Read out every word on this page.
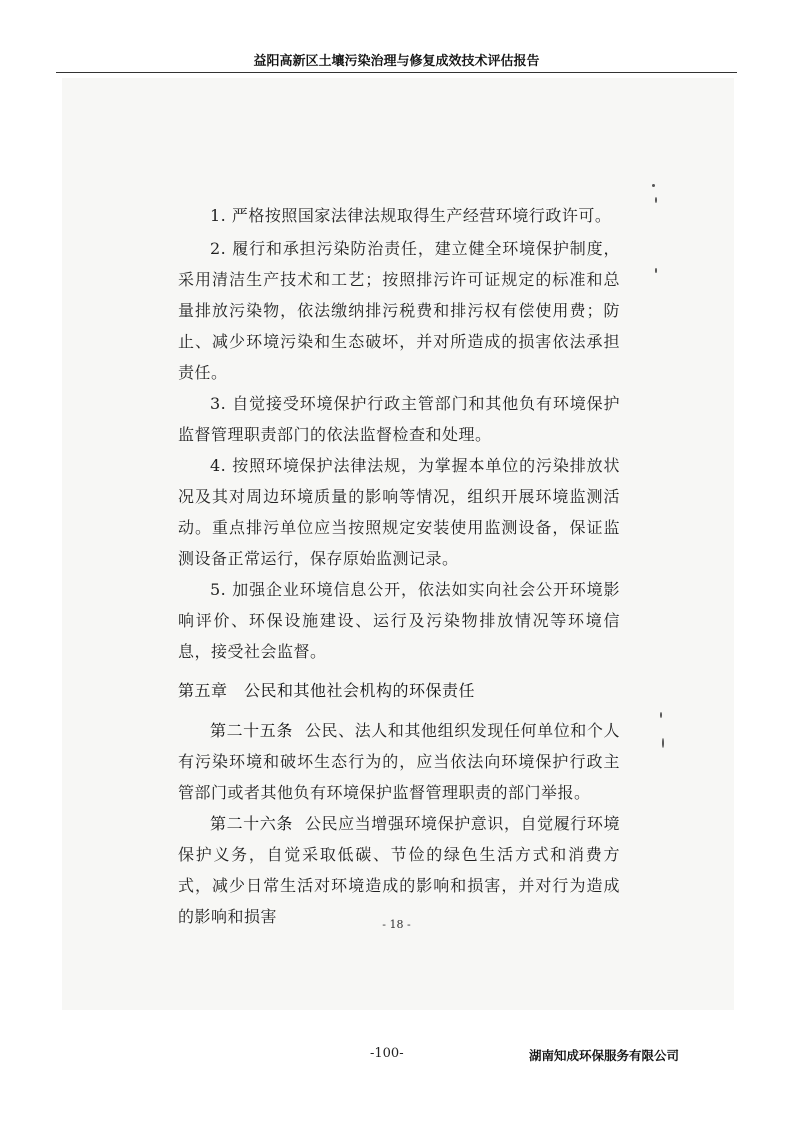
益阳高新区土壤污染治理与修复成效技术评估报告

1. 严格按照国家法律法规取得生产经营环境行政许可。

2. 履行和承担污染防治责任，建立健全环境保护制度，采用清洁生产技术和工艺；按照排污许可证规定的标准和总量排放污染物，依法缴纳排污税费和排污权有偿使用费；防止、减少环境污染和生态破坏，并对所造成的损害依法承担责任。

3. 自觉接受环境保护行政主管部门和其他负有环境保护监督管理职责部门的依法监督检查和处理。

4. 按照环境保护法律法规，为掌握本单位的污染排放状况及其对周边环境质量的影响等情况，组织开展环境监测活动。重点排污单位应当按照规定安装使用监测设备，保证监测设备正常运行，保存原始监测记录。

5. 加强企业环境信息公开，依法如实向社会公开环境影响评价、环保设施建设、运行及污染物排放情况等环境信息，接受社会监督。

第五章　公民和其他社会机构的环保责任

第二十五条 公民、法人和其他组织发现任何单位和个人有污染环境和破坏生态行为的，应当依法向环境保护行政主管部门或者其他负有环境保护监督管理职责的部门举报。

第二十六条 公民应当增强环境保护意识，自觉履行环境保护义务，自觉采取低碳、节俭的绿色生活方式和消费方式，减少日常生活对环境造成的影响和损害，并对行为造成的影响和损害	- 18 -
-100-	湖南知成环保服务有限公司
